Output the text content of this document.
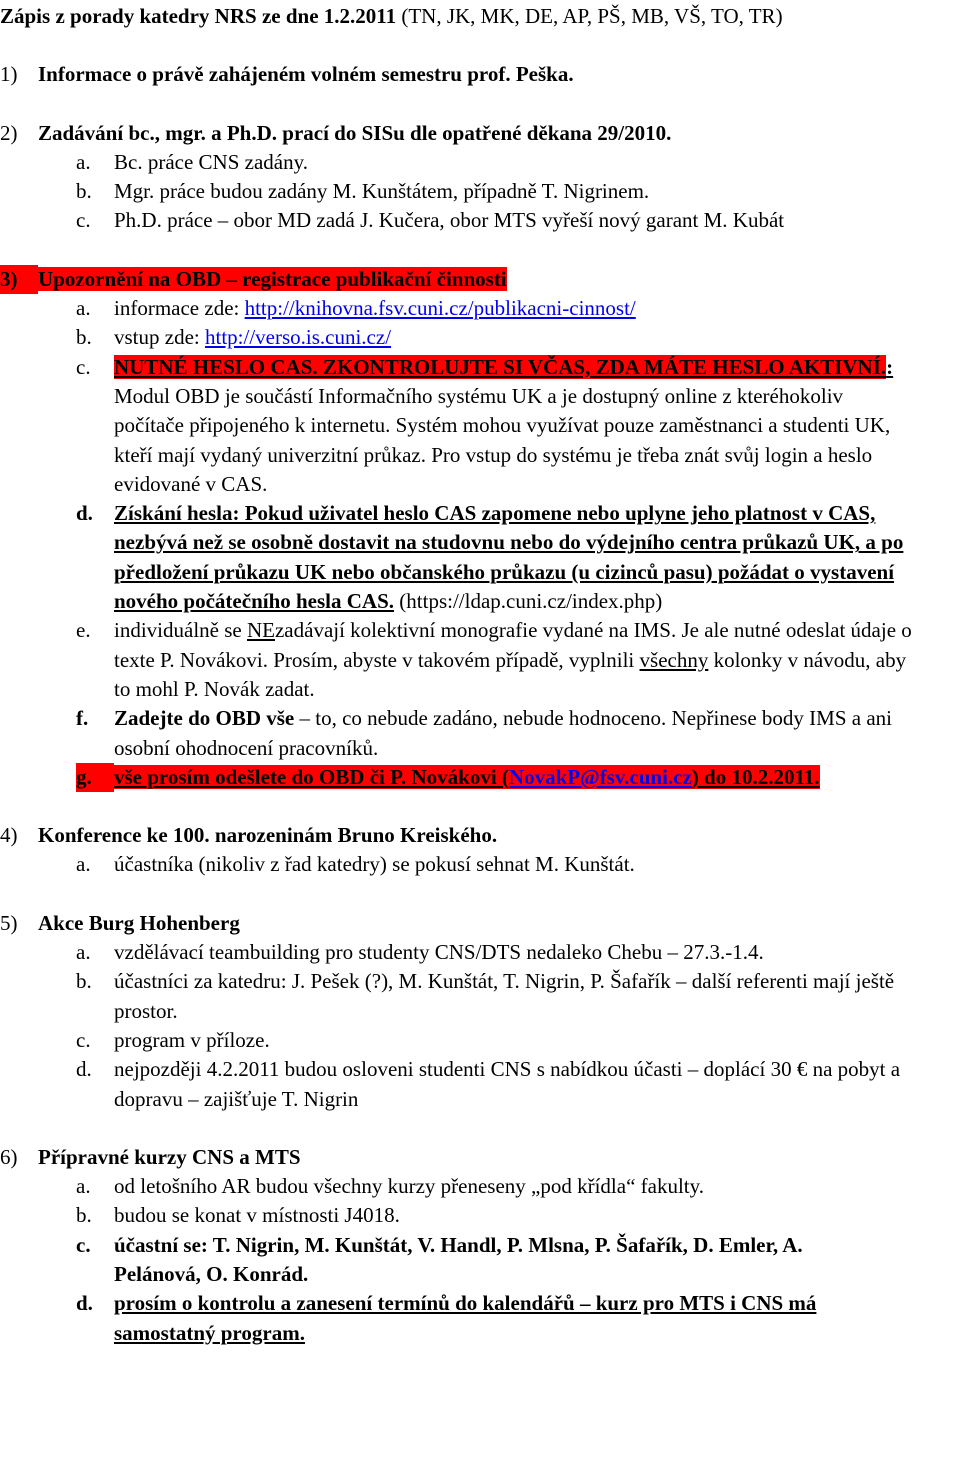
Zápis z porady katedry NRS ze dne 1.2.2011 (TN, JK, MK, DE, AP, PŠ, MB, VŠ, TO, TR)
1) Informace o právě zahájeném volném semestru prof. Peška.
2) Zadávání bc., mgr. a Ph.D. prací do SISu dle opatřené děkana 29/2010.
a.	Bc. práce CNS zadány.
b.	Mgr. práce budou zadány M. Kunštátem, případně T. Nigrinem.
c.	Ph.D. práce – obor MD zadá J. Kučera, obor MTS vyřeší nový garant M. Kubát
3) Upozornění na OBD – registrace publikační činnosti
a.	informace zde: http://knihovna.fsv.cuni.cz/publikacni-cinnost/
b.	vstup zde: http://verso.is.cuni.cz/
c.	NUTNÉ HESLO CAS. ZKONTROLUJTE SI VČAS, ZDA MÁTE HESLO AKTIVNÍ.: Modul OBD je součástí Informačního systému UK a je dostupný online z kteréhokoliv počítače připojeného k internetu. Systém mohou využívat pouze zaměstnanci a studenti UK, kteří mají vydaný univerzitní průkaz. Pro vstup do systému je třeba znát svůj login a heslo evidované v CAS.
d.	Získání hesla: Pokud uživatel heslo CAS zapomene nebo uplyne jeho platnost v CAS, nezbývá než se osobně dostavit na studovnu nebo do výdejního centra průkazů UK, a po předložení průkazu UK nebo občanského průkazu (u cizinců pasu) požádat o vystavení nového počátečního hesla CAS. (https://ldap.cuni.cz/index.php)
e.	individuálně se NEzadávají kolektivní monografie vydané na IMS. Je ale nutné odeslat údaje o texte P. Novákovi. Prosím, abyste v takovém případě, vyplnili všechny kolonky v návodu, aby to mohl P. Novák zadat.
f.	Zadejte do OBD vše – to, co nebude zadáno, nebude hodnoceno. Nepřinese body IMS a ani osobní ohodnocení pracovníků.
g.	vše prosím odešlete do OBD či P. Novákovi (NovakP@fsv.cuni.cz) do 10.2.2011.
4) Konference ke 100. narozeninám Bruno Kreiského.
a.	účastníka (nikoliv z řad katedry) se pokusí sehnat M. Kunštát.
5) Akce Burg Hohenberg
a.	vzdělávací teambuilding pro studenty CNS/DTS nedaleko Chebu – 27.3.-1.4.
b.	účastníci za katedru: J. Pešek (?), M. Kunštát, T. Nigrin, P. Šafařík – další referenti mají ještě prostor.
c.	program v příloze.
d.	nejpozději 4.2.2011 budou osloveni studenti CNS s nabídkou účasti – doplácí 30 € na pobyt a dopravu – zajišťuje T. Nigrin
6) Přípravné kurzy CNS a MTS
a.	od letošního AR budou všechny kurzy přeneseny „pod křídla“ fakulty.
b.	budou se konat v místnosti J4018.
c.	účastní se: T. Nigrin, M. Kunštát, V. Handl, P. Mlsna, P. Šafařík, D. Emler, A. Pelánová, O. Konrád.
d.	prosím o kontrolu a zanesení termínů do kalendářů – kurz pro MTS i CNS má samostatný program.
